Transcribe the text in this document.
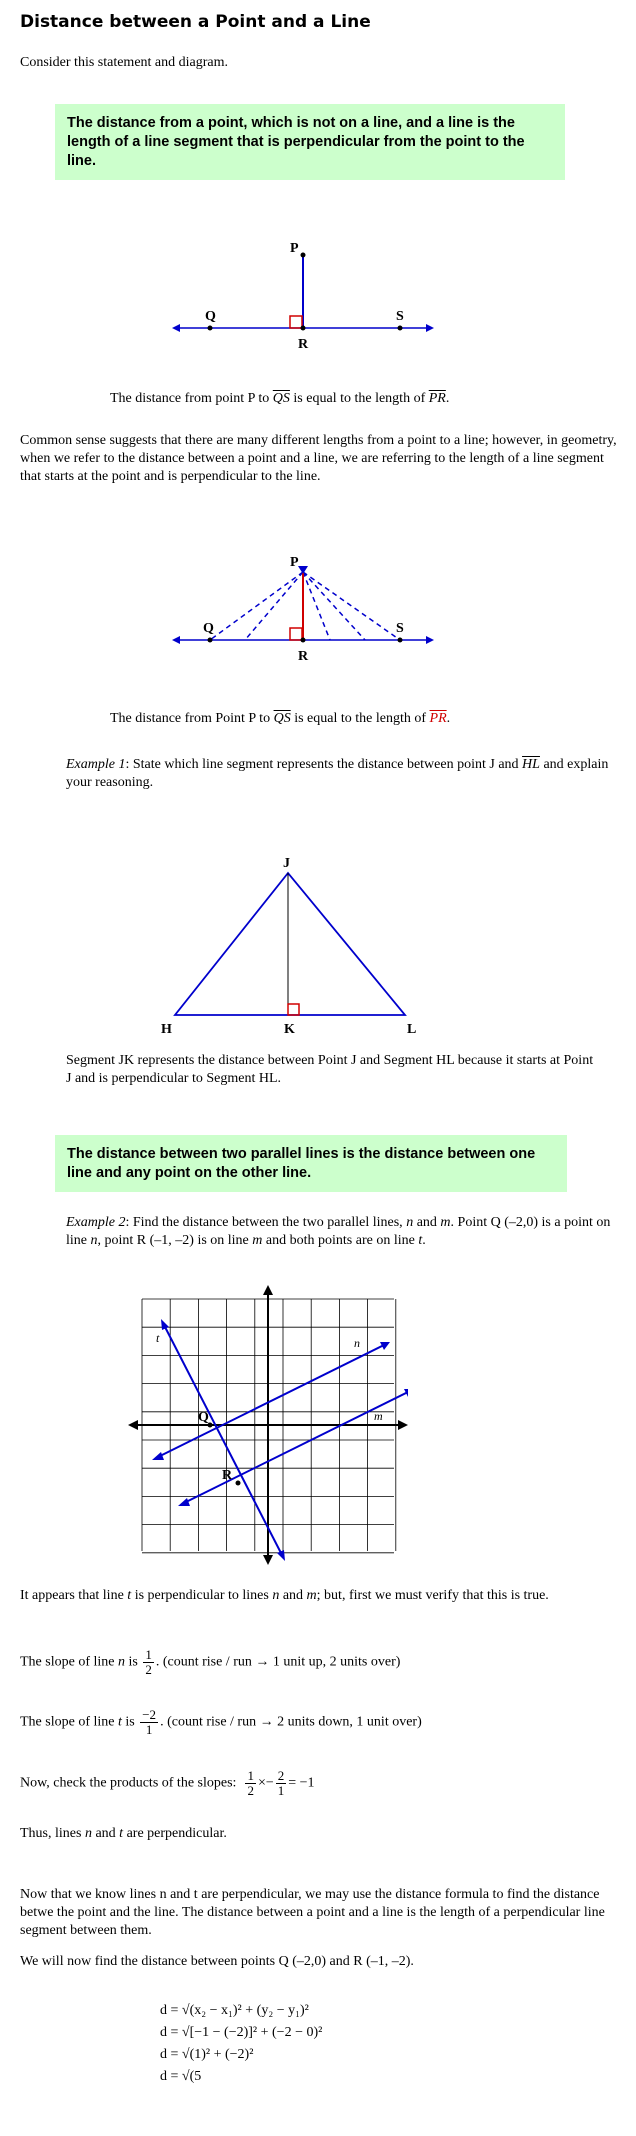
Distance between a Point and a Line
Consider this statement and diagram.
The distance from a point, which is not on a line, and a line is the length of a line segment that is perpendicular from the point to the line.
P
Q
R
S
The distance from point P to $\overline{QS}$ is equal to the length of $\overline{PR}$.
Common sense suggests that there are many different lengths from a point to a line; however, in geometry, when we refer to the distance between a point and a line, we are referring to the length of a line segment that starts at the point and is perpendicular to the line.
P
Q
R
S
The distance from Point P to $\overline{QS}$ is equal to the length of $\overline{PR}$.
Example 1: State which line segment represents the distance between point J and $\overline{HL}$ and explain your reasoning.
J
H	K	L
Segment JK represents the distance between Point J and Segment HL because it starts at Point J and is perpendicular to Segment HL.
The distance between two parallel lines is the distance between one line and any point on the other line.
Example 2: Find the distance between the two parallel lines, n and m. Point Q (–2,0) is a point on line n, point R (–1, –2) is on line m and both points are on line t.
t	n
m
Q
R
It appears that line t is perpendicular to lines n and m; but, first we must verify that this is true.
The slope of line n is $\frac{1}{2}$ . (count rise / run → 1 unit up, 2 units over)
The slope of line t is $\frac{-2}{1}$ . (count rise / run → 2 units down, 1 unit over)
Now, check the products of the slopes: $\frac{1}{2} \times- \frac{2}{1} = -1$
Thus, lines n and t are perpendicular.
Now that we know lines n and t are perpendicular, we may use the distance formula to find the distance betwe the point and the line. The distance between a point and a line is the length of a perpendicular line segment between them.
We will now find the distance between points Q (–2,0) and R (–1, –2).
d = √(x₂ − x₁)² + (y₂ − y₁)²
d = √[−1 − (−2)]² + (−2 − 0)²
d = √(1)² + (−2)²
d = √(5
